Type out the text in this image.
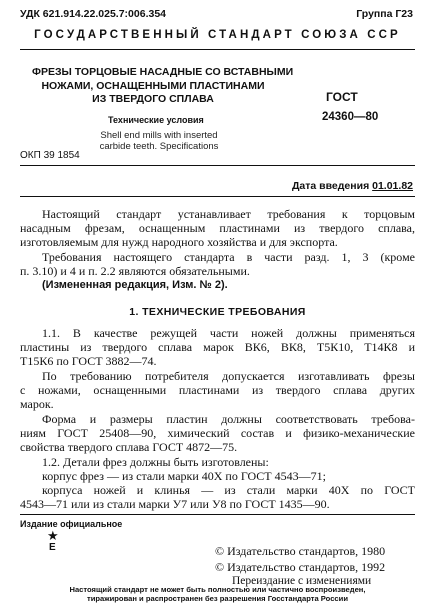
УДК 621.914.22.025.7:006.354	Группа Г23
ГОСУДАРСТВЕННЫЙ СТАНДАРТ СОЮЗА ССР
ФРЕЗЫ ТОРЦОВЫЕ НАСАДНЫЕ СО ВСТАВНЫМИ
НОЖАМИ, ОСНАЩЕННЫМИ ПЛАСТИНАМИ
ИЗ ТВЕРДОГО СПЛАВА
Технические условия
Shell end mills with inserted
carbide teeth. Specifications
ГОСТ
24360—80
ОКП 39 1854
Дата введения 01.01.82
Настоящий стандарт устанавливает требования к торцовым
насадным фрезам, оснащенным пластинами из твердого сплава,
изготовляемым для нужд народного хозяйства и для экспорта.
Требования настоящего стандарта в части разд. 1, 3 (кроме
п. 3.10) и 4 и п. 2.2 являются обязательными.
(Измененная редакция, Изм. № 2).
1. ТЕХНИЧЕСКИЕ ТРЕБОВАНИЯ
1.1. В качестве режущей части ножей должны применяться
пластины из твердого сплава марок ВК6, ВК8, Т5К10, Т14К8 и
Т15К6 по ГОСТ 3882—74.
По требованию потребителя допускается изготавливать фрезы
с ножами, оснащенными пластинами из твердого сплава других
марок.
Форма и размеры пластин должны соответствовать требова-
ниям ГОСТ 25408—90, химический состав и физико-механические
свойства твердого сплава ГОСТ 4872—75.
1.2. Детали фрез должны быть изготовлены:
корпус фрез — из стали марки 40Х по ГОСТ 4543—71;
корпуса ножей и клинья — из стали марки 40Х по ГОСТ
4543—71 или из стали марки У7 или У8 по ГОСТ 1435—90.
Издание официальное
★
Е	© Издательство стандартов, 1980
© Издательство стандартов, 1992
Переиздание с изменениями
Настоящий стандарт не может быть полностью или частично воспроизведен,
тиражирован и распространен без разрешения Госстандарта России
